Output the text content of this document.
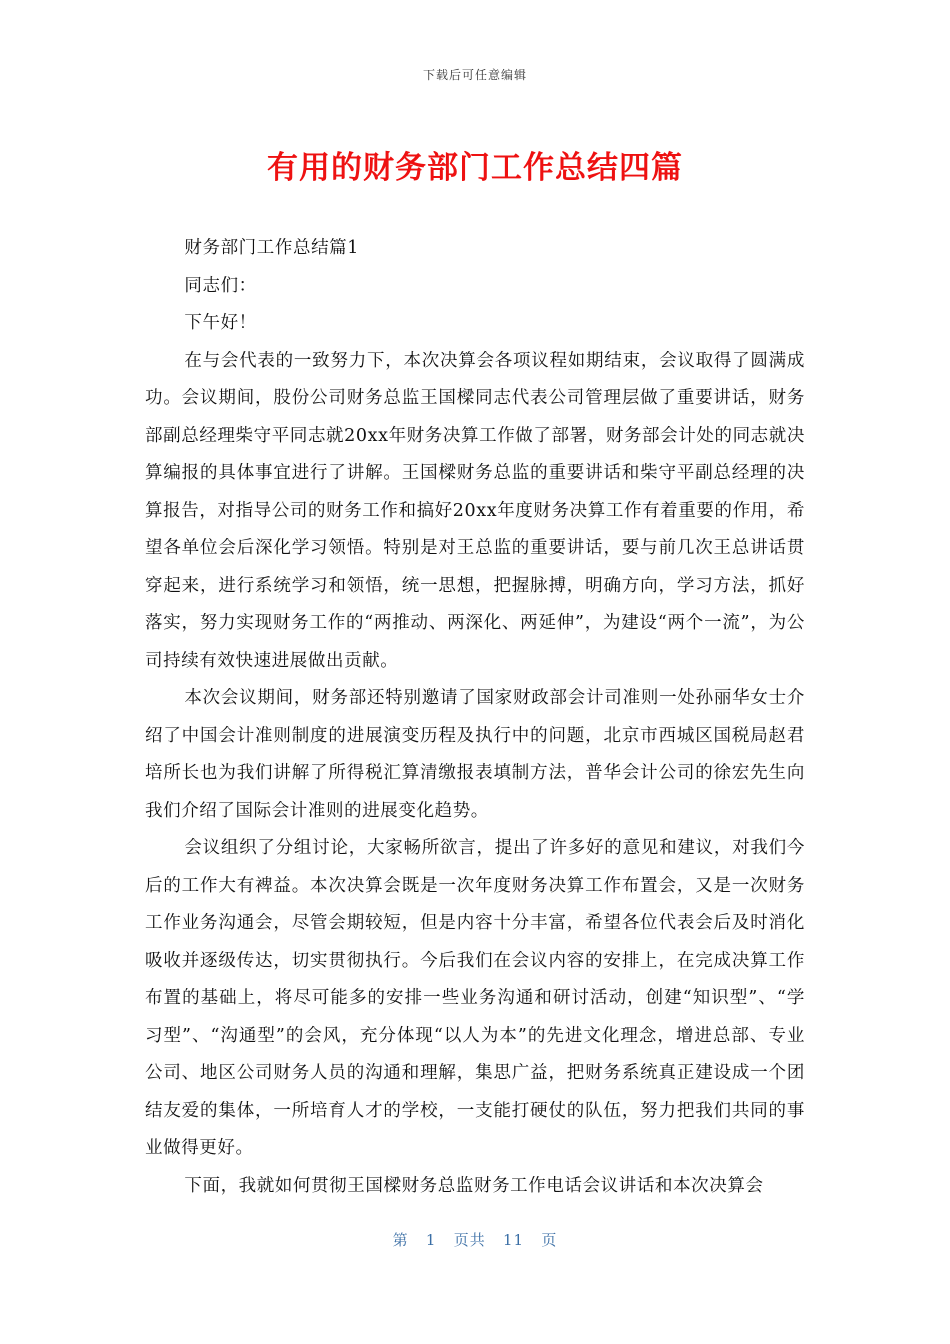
下载后可任意编辑
有用的财务部门工作总结四篇

财务部门工作总结篇1

同志们：

下午好！

在与会代表的一致努力下，本次决算会各项议程如期结束，会议取得了圆满成功。会议期间，股份公司财务总监王国樑同志代表公司管理层做了重要讲话，财务部副总经理柴守平同志就20xx年财务决算工作做了部署，财务部会计处的同志就决算编报的具体事宜进行了讲解。王国樑财务总监的重要讲话和柴守平副总经理的决算报告，对指导公司的财务工作和搞好20xx年度财务决算工作有着重要的作用，希望各单位会后深化学习领悟。特别是对王总监的重要讲话，要与前几次王总讲话贯穿起来，进行系统学习和领悟，统一思想，把握脉搏，明确方向，学习方法，抓好落实，努力实现财务工作的“两推动、两深化、两延伸”，为建设“两个一流”，为公司持续有效快速进展做出贡献。

本次会议期间，财务部还特别邀请了国家财政部会计司准则一处孙丽华女士介绍了中国会计准则制度的进展演变历程及执行中的问题，北京市西城区国税局赵君培所长也为我们讲解了所得税汇算清缴报表填制方法，普华会计公司的徐宏先生向我们介绍了国际会计准则的进展变化趋势。

会议组织了分组讨论，大家畅所欲言，提出了许多好的意见和建议，对我们今后的工作大有裨益。本次决算会既是一次年度财务决算工作布置会，又是一次财务工作业务沟通会，尽管会期较短，但是内容十分丰富，希望各位代表会后及时消化吸收并逐级传达，切实贯彻执行。今后我们在会议内容的安排上，在完成决算工作布置的基础上，将尽可能多的安排一些业务沟通和研讨活动，创建“知识型”、“学习型”、“沟通型”的会风，充分体现“以人为本”的先进文化理念，增进总部、专业公司、地区公司财务人员的沟通和理解，集思广益，把财务系统真正建设成一个团结友爱的集体，一所培育人才的学校，一支能打硬仗的队伍，努力把我们共同的事业做得更好。

下面，我就如何贯彻王国樑财务总监财务工作电话会议讲话和本次决算会

第   1   页共   11   页
